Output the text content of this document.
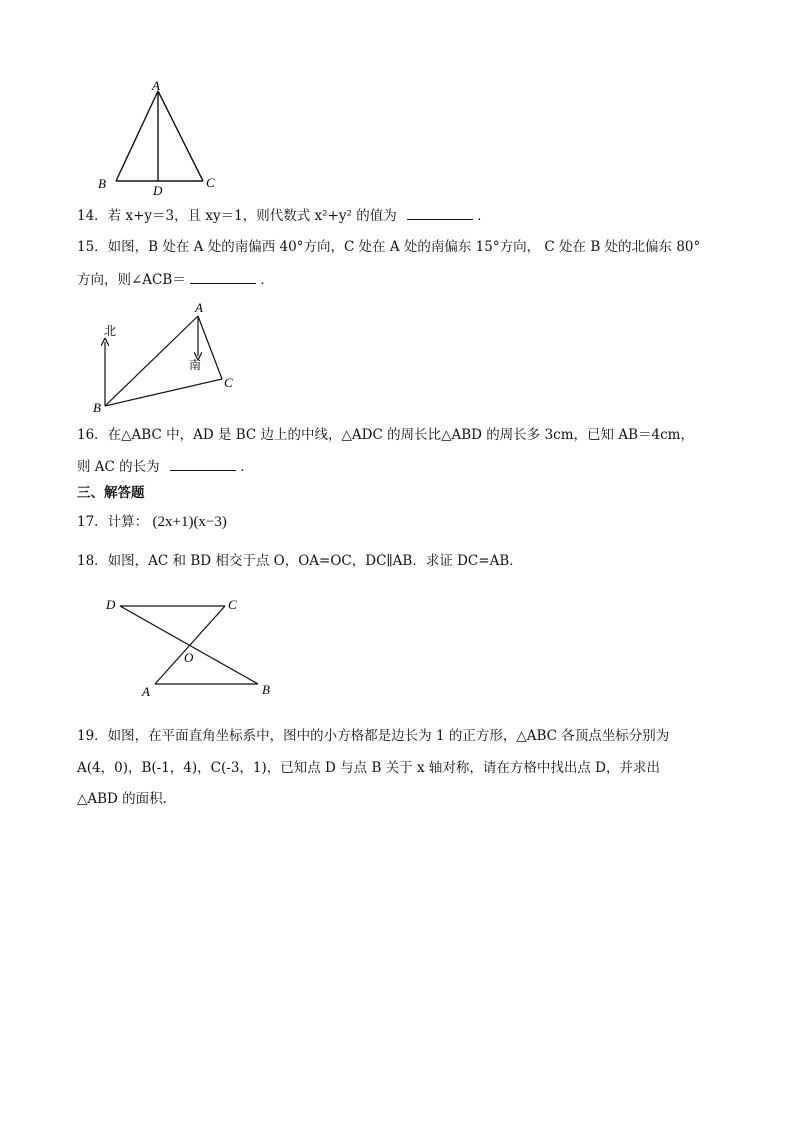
A
B	C
D
14．若 x+y＝3，且 xy＝1，则代数式 x²+y² 的值为	．
15．如图，B 处在 A 处的南偏西 40°方向，C 处在 A 处的南偏东 15°方向， C 处在 B 处的北偏东 80°
方向，则∠ACB＝	．
北
南
A
B
C
16．在△ABC 中，AD 是 BC 边上的中线，△ADC 的周长比△ABD 的周长多 3cm，已知 AB＝4cm，
则 AC 的长为	．
三、解答题
17．计算： (2x+1)(x−3)
18．如图，AC 和 BD 相交于点 O，OA=OC，DC∥AB．求证 DC=AB．
D	C
O
A	B
19．如图，在平面直角坐标系中，图中的小方格都是边长为 1 的正方形，△ABC 各顶点坐标分别为
A(4，0)，B(-1，4)，C(-3，1)，已知点 D 与点 B 关于 x 轴对称，请在方格中找出点 D，并求出
△ABD 的面积．
